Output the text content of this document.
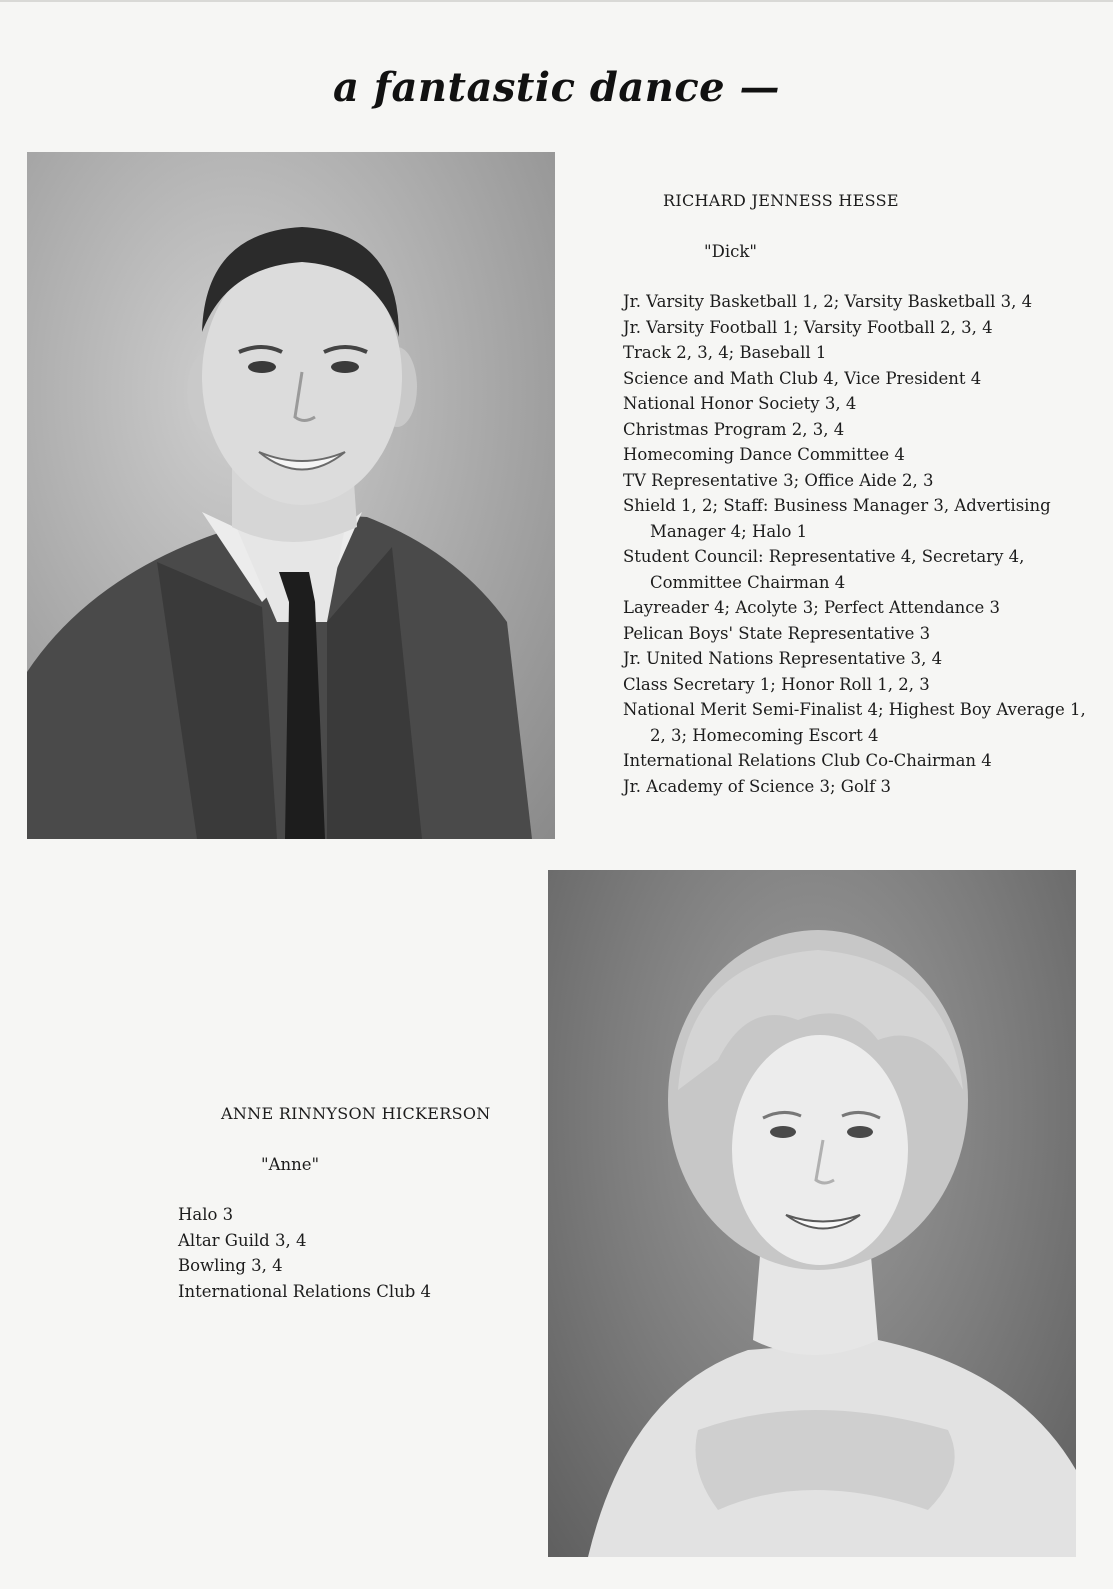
a fantastic dance —
RICHARD JENNESS HESSE
"Dick"
Jr. Varsity Basketball 1, 2; Varsity Basketball 3, 4
Jr. Varsity Football 1; Varsity Football 2, 3, 4
Track 2, 3, 4; Baseball 1
Science and Math Club 4, Vice President 4
National Honor Society 3, 4
Christmas Program 2, 3, 4
Homecoming Dance Committee 4
TV Representative 3; Office Aide 2, 3
Shield 1, 2; Staff: Business Manager 3, Advertising Manager 4; Halo 1
Student Council: Representative 4, Secretary 4, Committee Chairman 4
Layreader 4; Acolyte 3; Perfect Attendance 3
Pelican Boys' State Representative 3
Jr. United Nations Representative 3, 4
Class Secretary 1; Honor Roll 1, 2, 3
National Merit Semi-Finalist 4; Highest Boy Average 1, 2, 3; Homecoming Escort 4
International Relations Club Co-Chairman 4
Jr. Academy of Science 3; Golf 3
ANNE RINNYSON HICKERSON
"Anne"
Halo 3
Altar Guild 3, 4
Bowling 3, 4
International Relations Club 4
